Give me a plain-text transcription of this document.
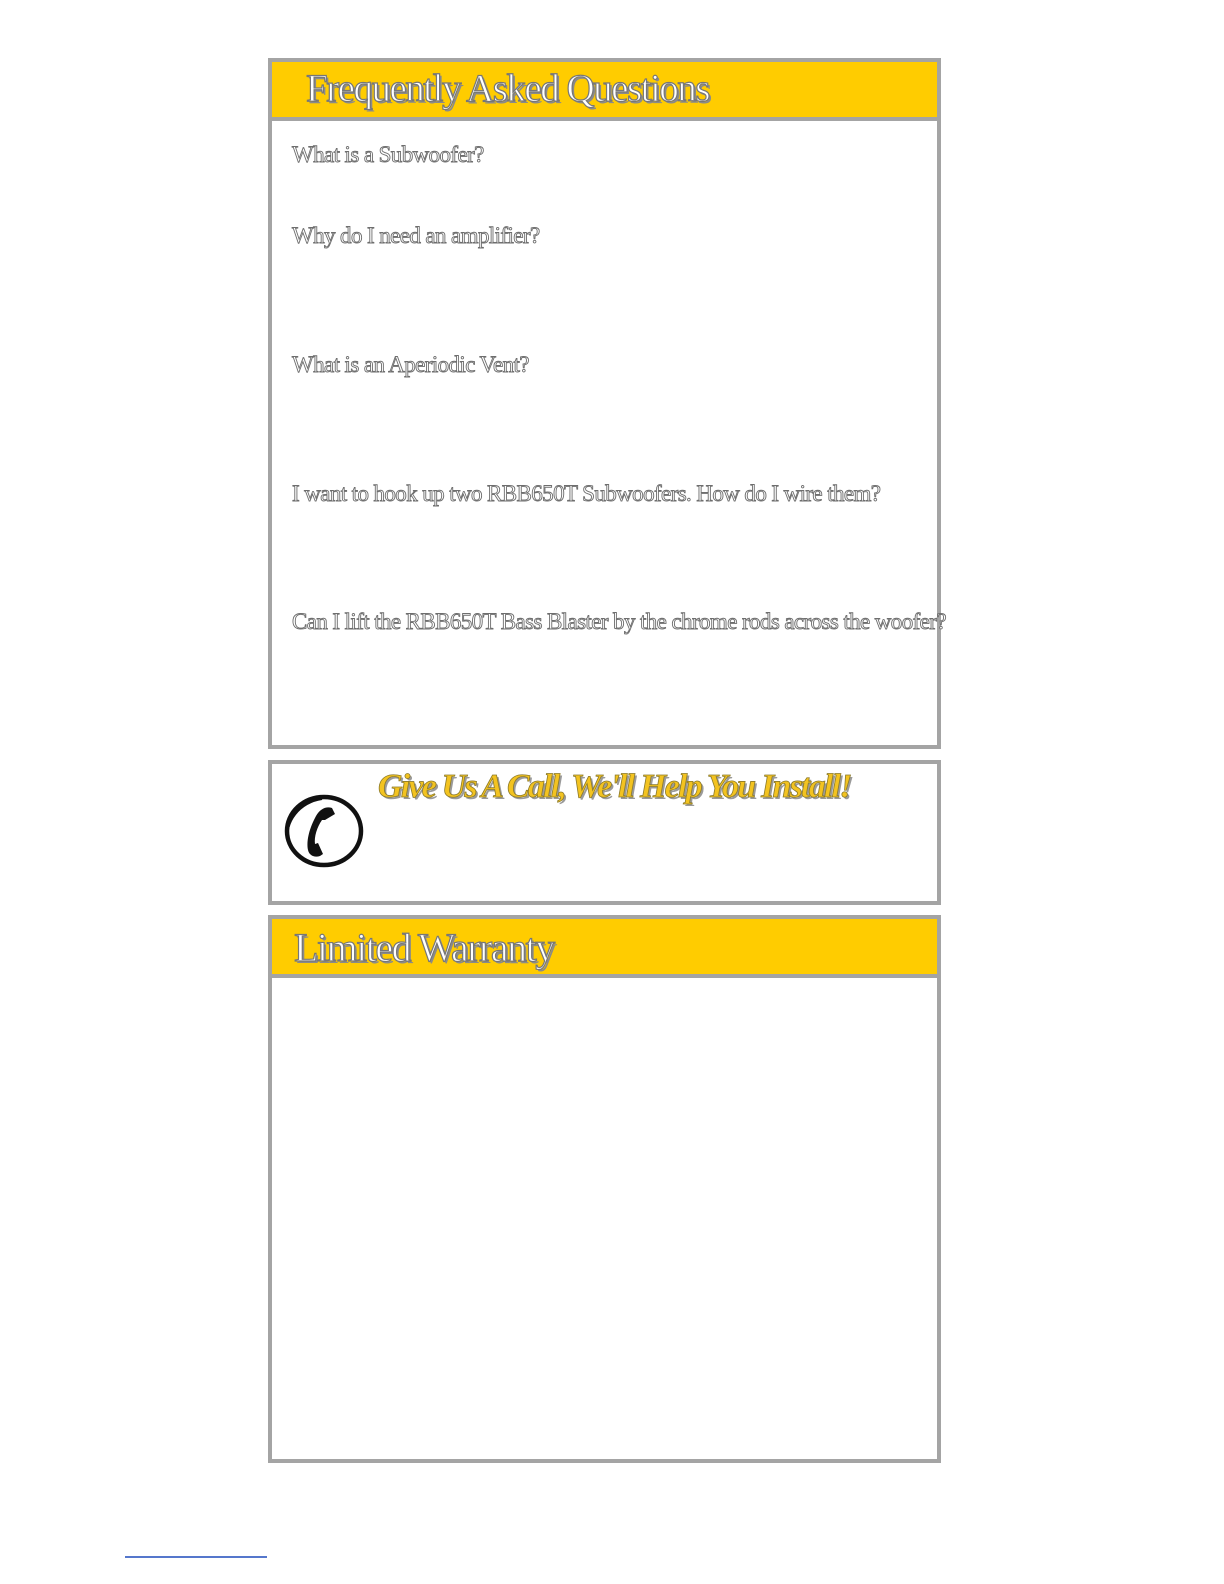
Frequently Asked Questions

What is a Subwoofer?

Why do I need an amplifier?

What is an Aperiodic Vent?

I want to hook up two RBB650T Subwoofers. How do I wire them?

Can I lift the RBB650T Bass Blaster by the chrome rods across the woofer?

Give Us A Call, We'll Help You Install!
Limited Warranty
